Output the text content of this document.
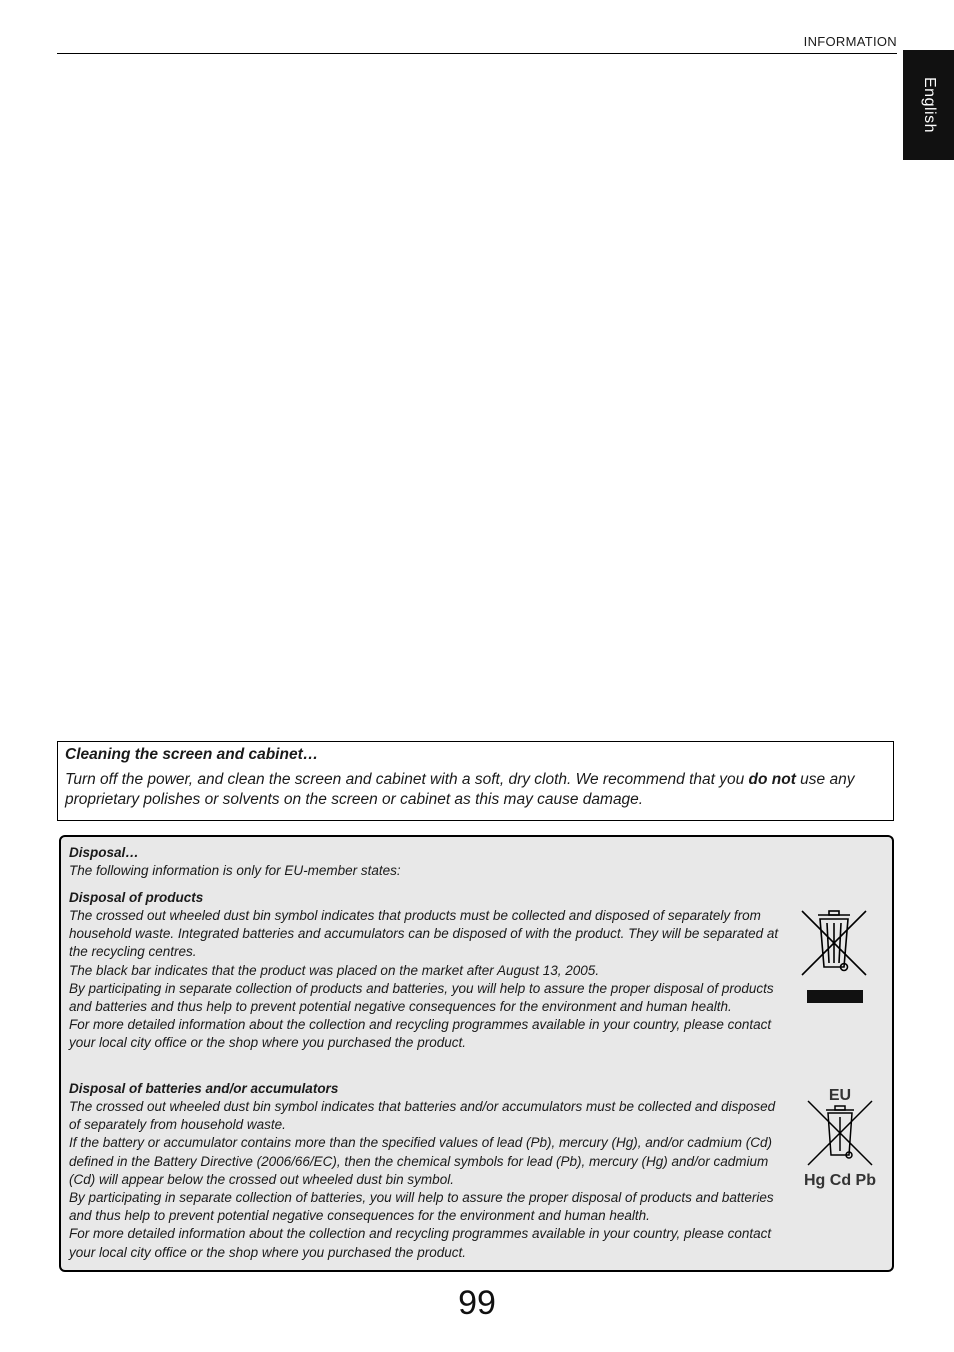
INFORMATION
English

Cleaning the screen and cabinet…

Turn off the power, and clean the screen and cabinet with a soft, dry cloth. We recommend that you do not use any proprietary polishes or solvents on the screen or cabinet as this may cause damage.

Disposal…
The following information is only for EU-member states:
Disposal of products

The crossed out wheeled dust bin symbol indicates that products must be collected and disposed of separately from household waste. Integrated batteries and accumulators can be disposed of with the product. They will be separated at the recycling centres.

The black bar indicates that the product was placed on the market after August 13, 2005.

By participating in separate collection of products and batteries, you will help to assure the proper disposal of products and batteries and thus help to prevent potential negative consequences for the environment and human health.

For more detailed information about the collection and recycling programmes available in your country, please contact your local city office or the shop where you purchased the product.

Disposal of batteries and/or accumulators

The crossed out wheeled dust bin symbol indicates that batteries and/or accumulators must be collected and disposed of separately from household waste.

If the battery or accumulator contains more than the specified values of lead (Pb), mercury (Hg), and/or cadmium (Cd) defined in the Battery Directive (2006/66/EC), then the chemical symbols for lead (Pb), mercury (Hg) and/or cadmium (Cd) will appear below the crossed out wheeled dust bin symbol.

By participating in separate collection of batteries, you will help to assure the proper disposal of products and batteries and thus help to prevent potential negative consequences for the environment and human health.

For more detailed information about the collection and recycling programmes available in your country, please contact your local city office or the shop where you purchased the product.

EU
Hg Cd Pb
99
